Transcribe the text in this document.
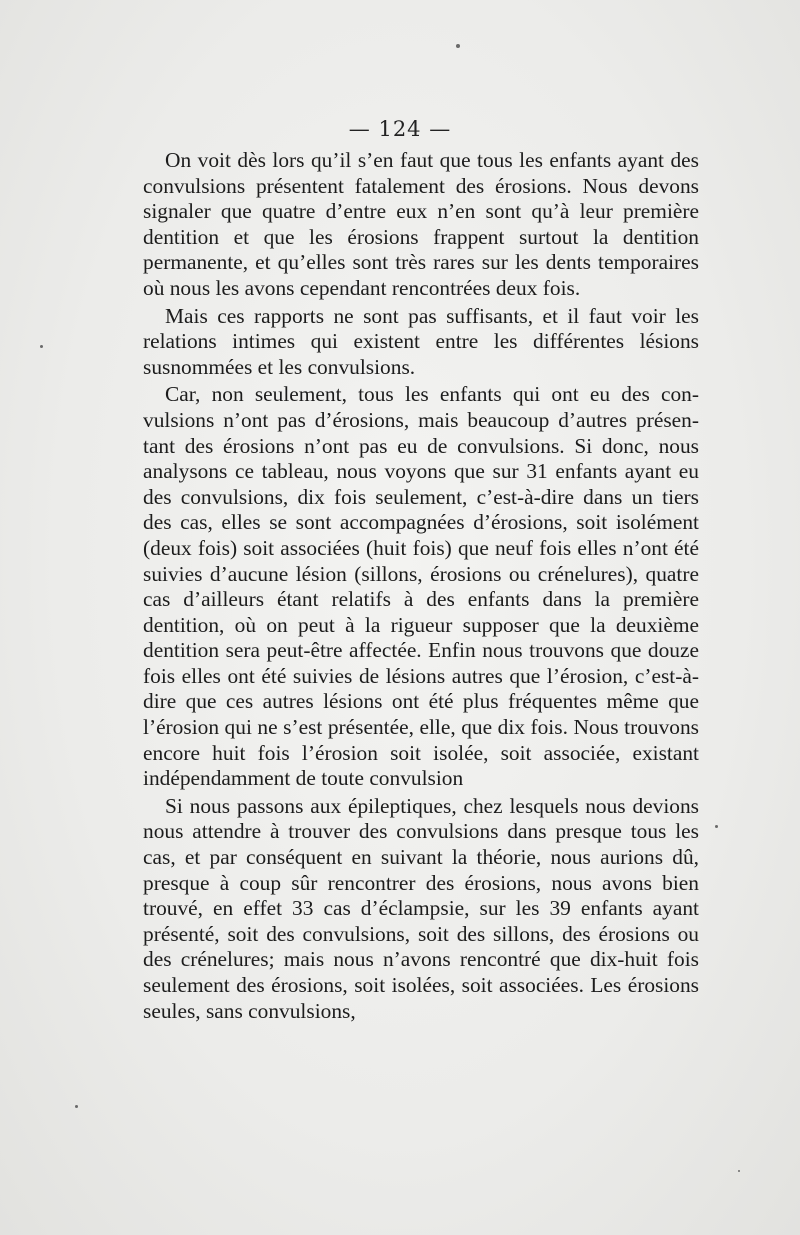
— 124 —

On voit dès lors qu’il s’en faut que tous les enfants ayant des convulsions présentent fatalement des érosions. Nous devons signaler que quatre d’entre eux n’en sont qu’à leur première dentition et que les érosions frappent surtout la dentition permanente, et qu’elles sont très rares sur les dents temporaires où nous les avons cependant rencontrées deux fois.

Mais ces rapports ne sont pas suffisants, et il faut voir les relations intimes qui existent entre les différentes lésions susnommées et les convulsions.

Car, non seulement, tous les enfants qui ont eu des convulsions n’ont pas d’érosions, mais beaucoup d’autres présentant des érosions n’ont pas eu de convulsions. Si donc, nous analysons ce tableau, nous voyons que sur 31 enfants ayant eu des convulsions, dix fois seulement, c’est-à-dire dans un tiers des cas, elles se sont accompagnées d’érosions, soit isolément (deux fois) soit associées (huit fois) que neuf fois elles n’ont été suivies d’aucune lésion (sillons, érosions ou crénelures), quatre cas d’ailleurs étant relatifs à des enfants dans la première dentition, où on peut à la rigueur supposer que la deuxième dentition sera peut-être affectée. Enfin nous trouvons que douze fois elles ont été suivies de lésions autres que l’érosion, c’est-à-dire que ces autres lésions ont été plus fréquentes même que l’érosion qui ne s’est présentée, elle, que dix fois. Nous trouvons encore huit fois l’érosion soit isolée, soit associée, existant indépendamment de toute convulsion

Si nous passons aux épileptiques, chez lesquels nous devions nous attendre à trouver des convulsions dans presque tous les cas, et par conséquent en suivant la théorie, nous aurions dû, presque à coup sûr rencontrer des érosions, nous avons bien trouvé, en effet 33 cas d’éclampsie, sur les 39 enfants ayant présenté, soit des convulsions, soit des sillons, des érosions ou des crénelures; mais nous n’avons rencontré que dix-huit fois seulement des érosions, soit isolées, soit associées. Les érosions seules, sans convulsions,
